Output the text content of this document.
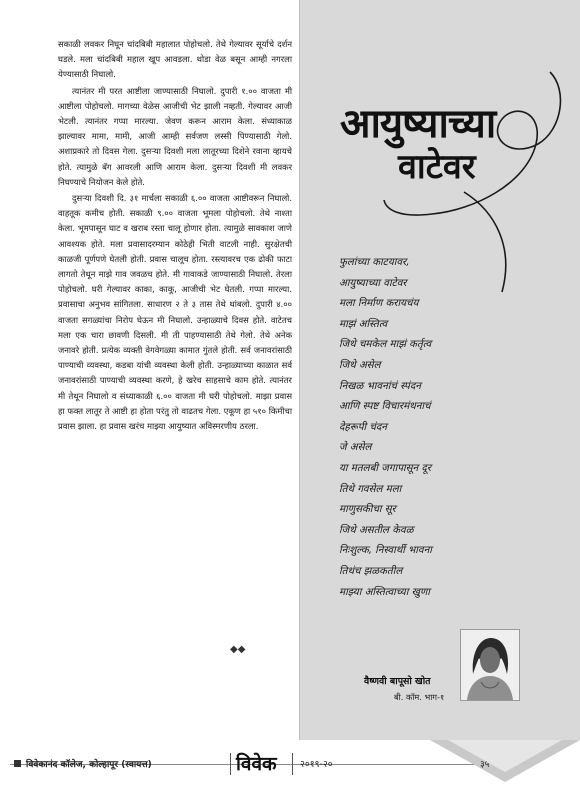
सकाळी लवकर निघून चांदबिबी महालात पोहोचलो. तेथे गेल्यावर सूर्याचे दर्शन घडले. मला चांदबिबी महाल खूप आवडला. थोडा वेळ बसून आम्ही नगरला येण्यासाठी निघालो.

त्यानंतर मी परत आष्टीला जाण्यासाठी निघालो. दुपारी १.०० वाजता मी आष्टीला पोहोचलो. मागच्या वेळेस आजीची भेट झाली नव्हती. गेल्यावर आजी भेटली. त्यानंतर गप्पा मारल्या. जेवण करून आराम केला. संध्याकाळ झाल्यावर मामा, मामी, आजी आम्ही सर्वजण लस्सी पिण्यासाठी गेलो. अशाप्रकारे तो दिवस गेला. दुसऱ्या दिवशी मला लातूरच्या दिशेने रवाना व्हायचे होते. त्यामुळे बॅग आवरली आणि आराम केला. दुसऱ्या दिवशी मी लवकर निघण्याचे नियोजन केले होते.

दुसऱ्या दिवशी दि. ३१ मार्चला सकाळी ६.०० वाजता आष्टीवरून निघालो. वाहतूक कमीच होती. सकाळी ९.०० वाजता भूमला पोहोचलो. तेथे नाश्ता केला. भूमपासून घाट व खराब रस्ता चालू होणार होता. त्यामुळे सावकाश जाणे आवश्यक होते. मला प्रवासादरम्यान कोठेही भिती वाटली नाही. सुरक्षेतची काळजी पूर्णपणे घेतली होती. प्रवास चालूच होता. रस्त्यावरच एक ढोकी फाटा लागतो तेथून माझे गाव जवळच होते. मी गावाकडे जाण्यासाठी निघालो. तेरला पोहोचलो. घरी गेल्यावर काका, काकू, आजीची भेट घेतली. गप्पा मारल्या. प्रवासाचा अनुभव सांगितला. साधारण २ ते ३ तास तेथे थांबलो. दुपारी ४.०० वाजता सगळ्यांचा निरोप घेऊन मी निघालो. उन्हाळ्याचे दिवस होते. वाटेतच मला एक चारा छावणी दिसली. मी ती पाहण्यासाठी तेथे गेलो. तेथे अनेक जनावरे होती. प्रत्येक व्यक्ती वेगवेगळ्या कामात गुंतले होती. सर्व जनावरांसाठी पाण्याची व्यवस्था, कडबा यांची व्यवस्था केली होती. उन्हाळ्याच्या काळात सर्व जनावरांसाठी पाण्याची व्यवस्था करणे, हे खरेच साहसाचे काम होते. त्यानंतर मी तेथून निघालो व संध्याकाळी ६.०० वाजता मी घरी पोहोचलो. माझा प्रवास हा फक्त लातूर ते आष्टी हा होता परंतु तो वाढतच गेला. एकूण हा ५१० किमीचा प्रवास झाला. हा प्रवास खरंच माझ्या आयुष्यात अविस्मरणीय ठरला.

◆◆
आयुष्याच्या
वाटेवर
फुलांच्या काटयावर,
आयुष्याच्या वाटेवर
मला निर्माण करायचंय
माझं अस्तित्व
जिथे चमकेल माझं कर्तृत्व
जिथे असेल
निखळ भावनांचं स्पंदन
आणि स्पष्ट विचारमंथनाचं
देहरूपी चंदन
जे असेल
या मतलबी जगापासून दूर
तिथे गवसेल मला
माणुसकीचा सूर
जिथे असतील केवळ
निःशुल्क, निस्वार्थी भावना
तिथंच झळकतील
माझ्या अस्तित्वाच्या खुणा
वैष्णवी बापूसो खोत
बी. कॉम. भाग-१
विवेकानंद कॉलेज, कोल्हापूर (स्वायत्त)	विवेक २०१९-२०	३५
